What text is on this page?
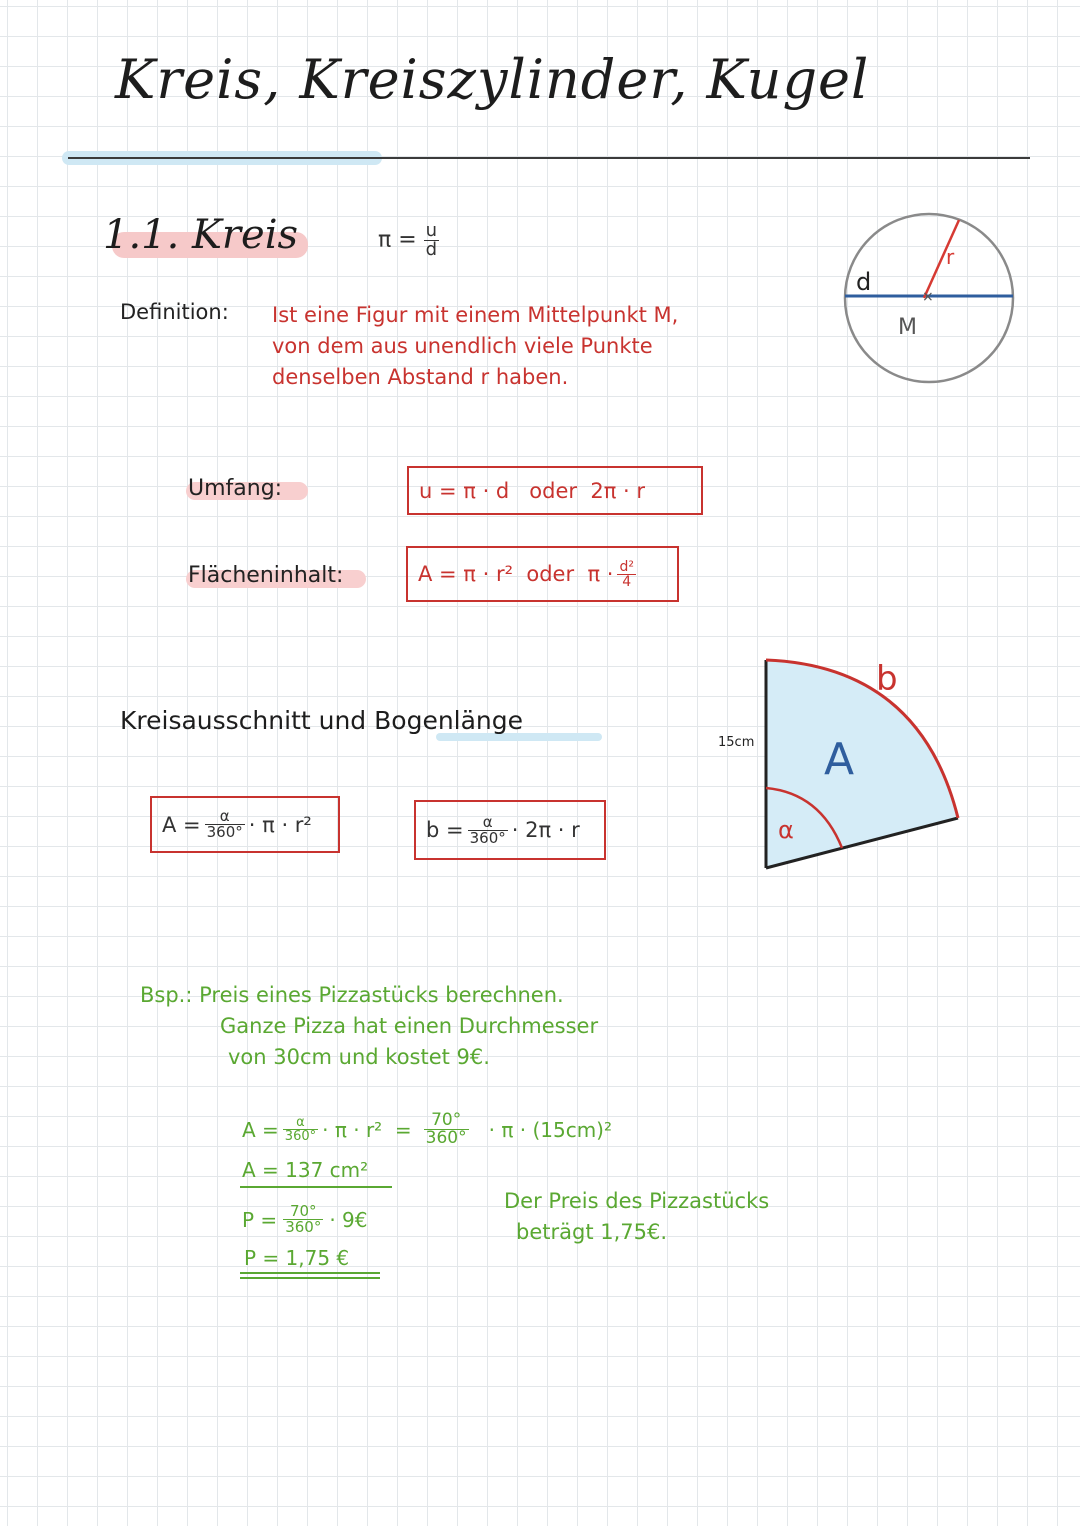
Kreis, Kreiszylinder, Kugel
1.1. Kreis	$\pi = \frac{u}{d}$
Definition: Ist eine Figur mit einem Mittelpunkt M,
von dem aus unendlich viele Punkte
denselben Abstand r haben.
×
d
r
M
Umfang:	u = π · d   oder  2π · r
Flächeninhalt:	A = π · r²  oder  $\pi \cdot \frac{\text{d²}}{4}$
Kreisausschnitt und Bogenlänge
$A = \frac{\alpha}{360^\circ} \cdot \pi \cdot r^2$	$b = \frac{\alpha}{360^\circ} \cdot 2\pi \cdot r$
15cm A
b
α
Bsp.: Preis eines Pizzastücks berechnen.
Ganze Pizza hat einen Durchmesser
von 30cm und kostet 9€.
$A = \frac{\alpha}{360^\circ} \cdot \pi \cdot r^2 = \frac{70^\circ}{360^\circ} \cdot \pi \cdot (15cm)^2$
A = 137 cm²
$P = \frac{70^\circ}{360^\circ}$ · 9€
P = 1,75 €
Der Preis des Pizzastücks
beträgt 1,75€.
